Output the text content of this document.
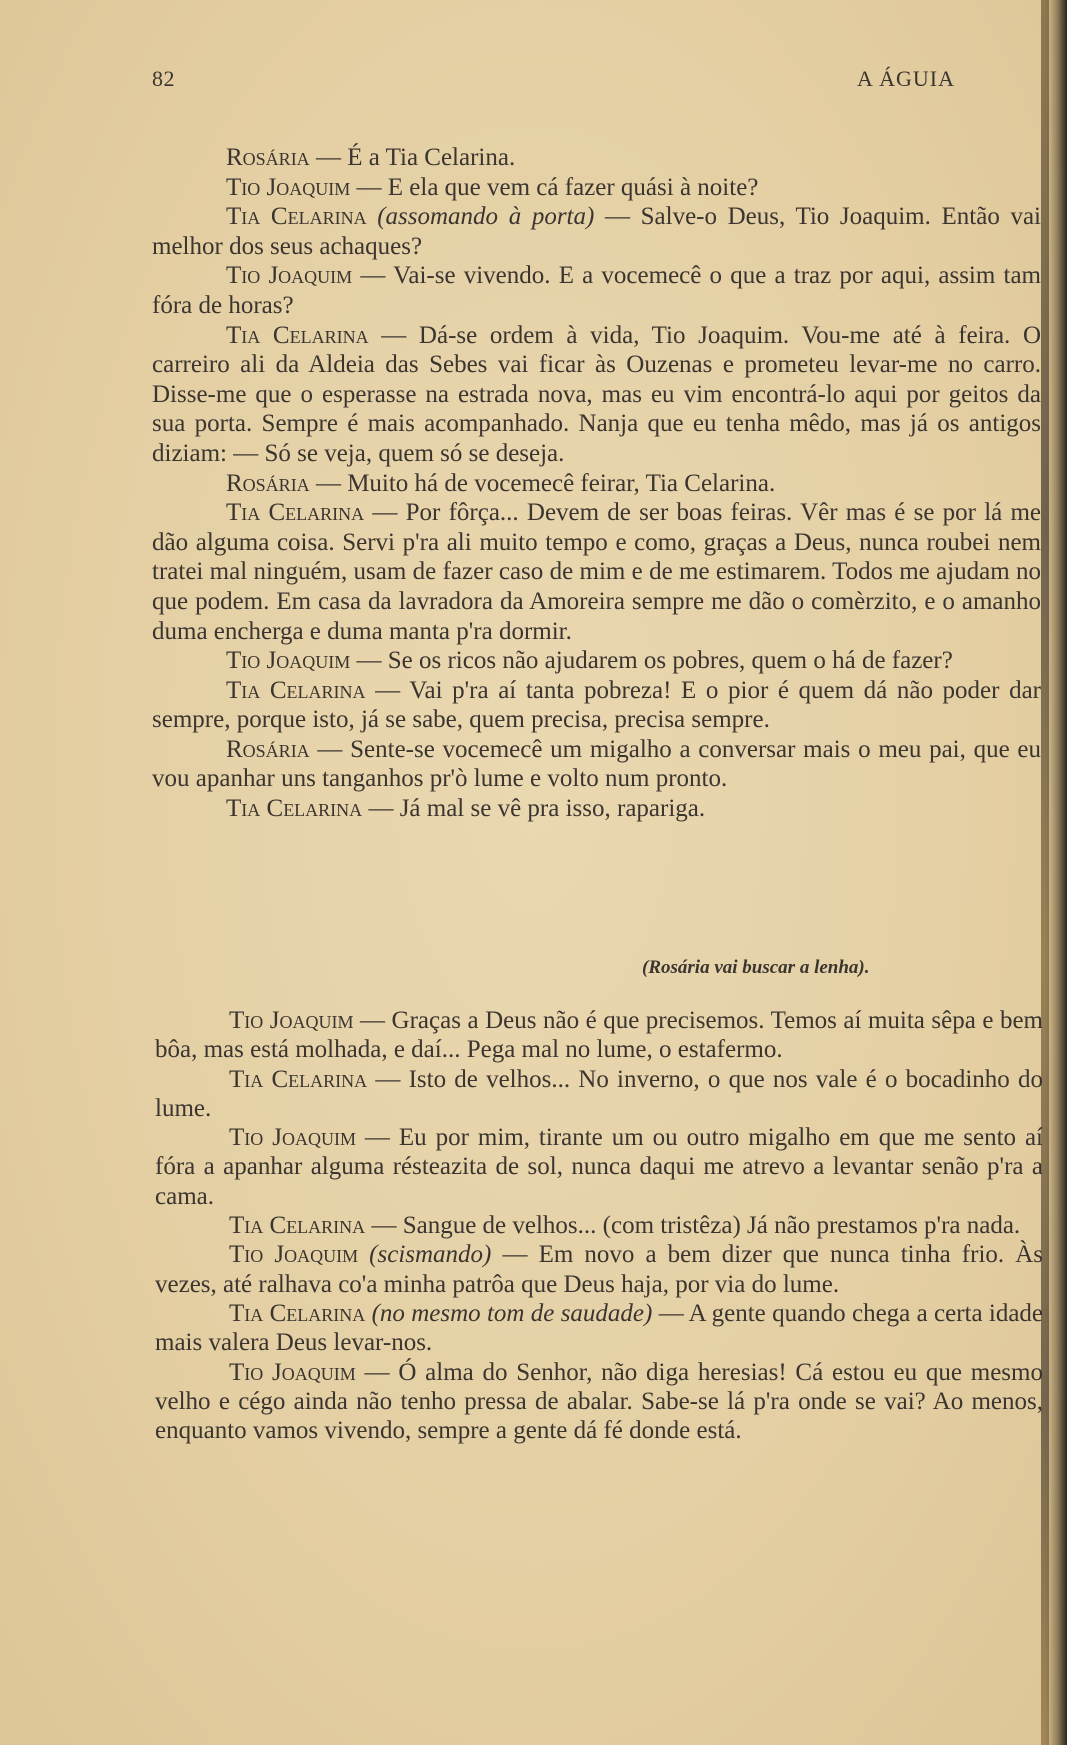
82	A ÁGUIA

Rosária — É a Tia Celarina.

Tio Joaquim — E ela que vem cá fazer quási à noite?

Tia Celarina (assomando à porta) — Salve-o Deus, Tio Joaquim. Então vai melhor dos seus achaques?

Tio Joaquim — Vai-se vivendo. E a vocemecê o que a traz por aqui, assim tam fóra de horas?

Tia Celarina — Dá-se ordem à vida, Tio Joaquim. Vou-me até à feira. O carreiro ali da Aldeia das Sebes vai ficar às Ouzenas e prometeu levar-me no carro. Disse-me que o esperasse na estrada nova, mas eu vim encontrá-lo aqui por geitos da sua porta. Sempre é mais acompanhado. Nanja que eu tenha mêdo, mas já os antigos diziam: — Só se veja, quem só se deseja.

Rosária — Muito há de vocemecê feirar, Tia Celarina.

Tia Celarina — Por fôrça... Devem de ser boas feiras. Vêr mas é se por lá me dão alguma coisa. Servi p'ra ali muito tempo e como, graças a Deus, nunca roubei nem tratei mal ninguém, usam de fazer caso de mim e de me estimarem. Todos me ajudam no que podem. Em casa da lavradora da Amoreira sempre me dão o comèrzito, e o amanho duma encherga e duma manta p'ra dormir.

Tio Joaquim — Se os ricos não ajudarem os pobres, quem o há de fazer?

Tia Celarina — Vai p'ra aí tanta pobreza! E o pior é quem dá não poder dar sempre, porque isto, já se sabe, quem precisa, precisa sempre.

Rosária — Sente-se vocemecê um migalho a conversar mais o meu pai, que eu vou apanhar uns tanganhos pr'ò lume e volto num pronto.

Tia Celarina — Já mal se vê pra isso, rapariga.

(Rosária vai buscar a lenha).

Tio Joaquim — Graças a Deus não é que precisemos. Temos aí muita sêpa e bem bôa, mas está molhada, e daí... Pega mal no lume, o estafermo.

Tia Celarina — Isto de velhos... No inverno, o que nos vale é o bocadinho do lume.

Tio Joaquim — Eu por mim, tirante um ou outro migalho em que me sento aí fóra a apanhar alguma résteazita de sol, nunca daqui me atrevo a levantar senão p'ra a cama.

Tia Celarina — Sangue de velhos... (com tristêza) Já não prestamos p'ra nada.

Tio Joaquim (scismando) — Em novo a bem dizer que nunca tinha frio. Às vezes, até ralhava co'a minha patrôa que Deus haja, por via do lume.

Tia Celarina (no mesmo tom de saudade) — A gente quando chega a certa idade mais valera Deus levar-nos.

Tio Joaquim — Ó alma do Senhor, não diga heresias! Cá estou eu que mesmo velho e cégo ainda não tenho pressa de abalar. Sabe-se lá p'ra onde se vai? Ao menos, enquanto vamos vivendo, sempre a gente dá fé donde está.
